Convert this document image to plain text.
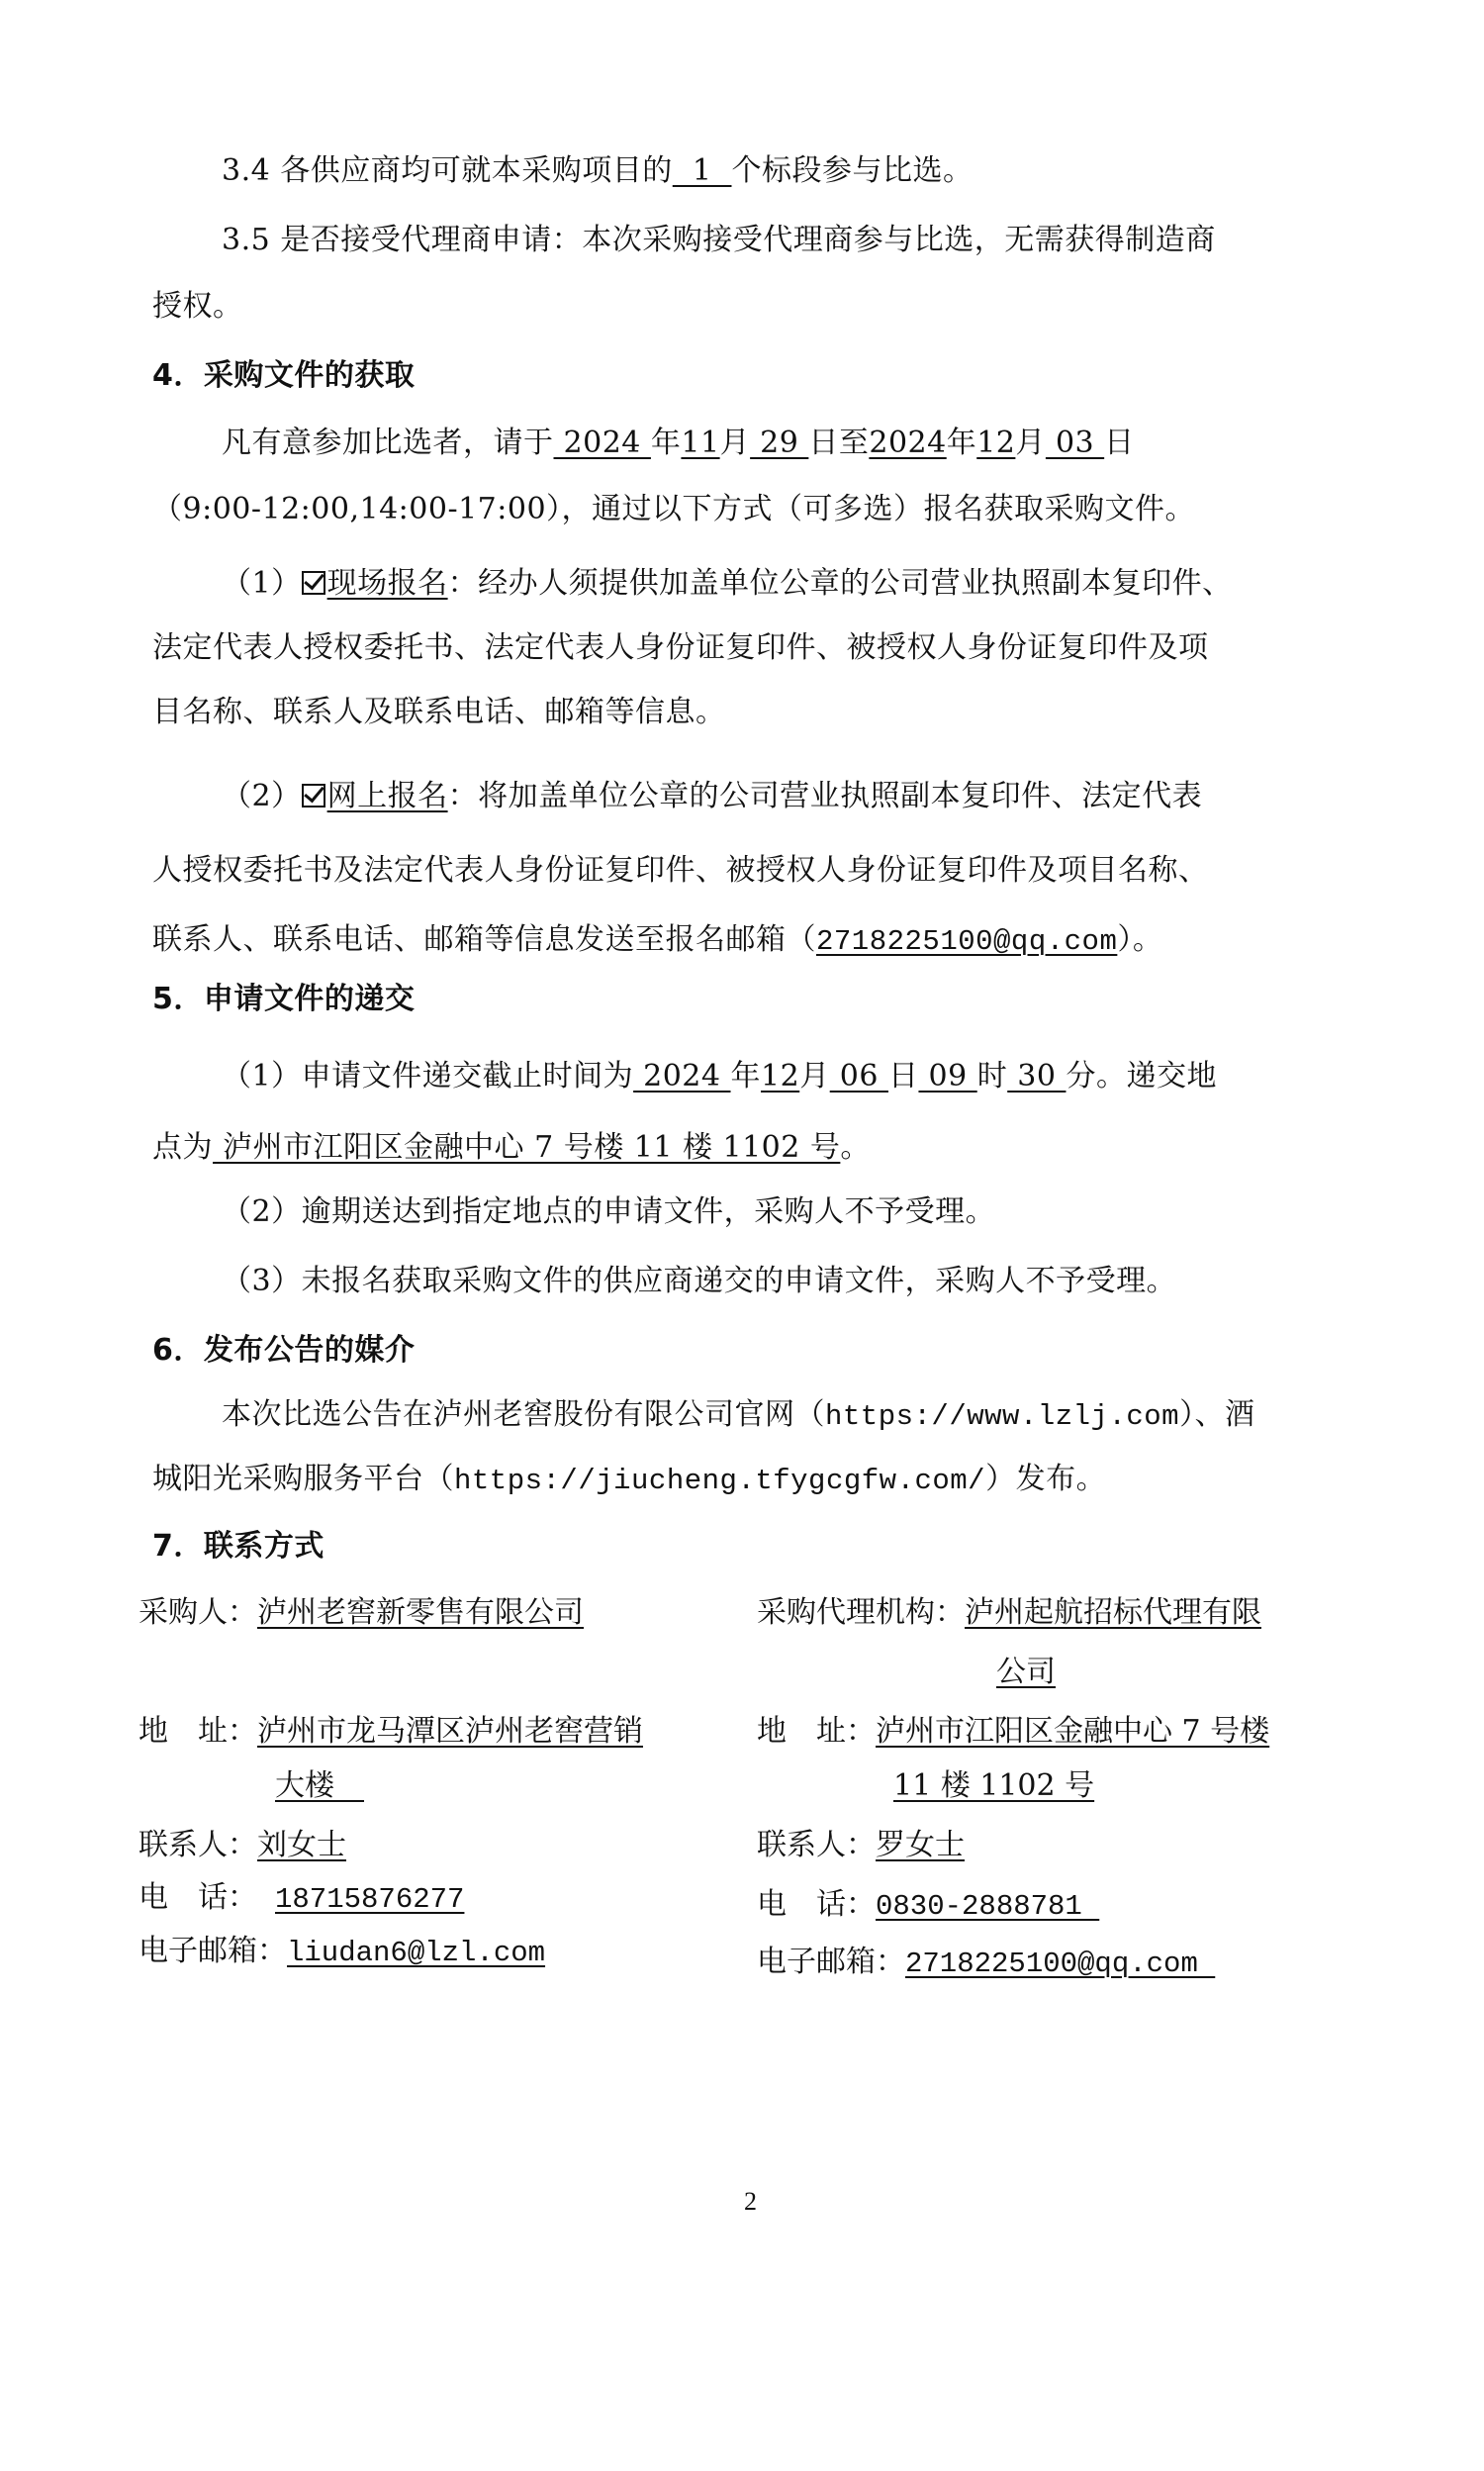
3.4 各供应商均可就本采购项目的  1  个标段参与比选。
3.5 是否接受代理商申请：本次采购接受代理商参与比选，无需获得制造商
授权。
4．采购文件的获取
凡有意参加比选者，请于 2024 年11月 29 日至2024年12月 03 日
（9:00-12:00,14:00-17:00），通过以下方式（可多选）报名获取采购文件。
（1） 现场报名：经办人须提供加盖单位公章的公司营业执照副本复印件、
法定代表人授权委托书、法定代表人身份证复印件、被授权人身份证复印件及项
目名称、联系人及联系电话、邮箱等信息。
（2） 网上报名：将加盖单位公章的公司营业执照副本复印件、法定代表
人授权委托书及法定代表人身份证复印件、被授权人身份证复印件及项目名称、
联系人、联系电话、邮箱等信息发送至报名邮箱（2718225100@qq.com）。
5．申请文件的递交
（1）申请文件递交截止时间为 2024 年12月 06 日 09 时 30 分。递交地
点为 泸州市江阳区金融中心 7 号楼 11 楼 1102 号。
（2）逾期送达到指定地点的申请文件，采购人不予受理。
（3）未报名获取采购文件的供应商递交的申请文件，采购人不予受理。
6．发布公告的媒介
本次比选公告在泸州老窖股份有限公司官网（https://www.lzlj.com）、酒
城阳光采购服务平台（https://jiucheng.tfygcgfw.com/）发布。
7．联系方式
采购人：泸州老窖新零售有限公司
地　址：泸州市龙马潭区泸州老窖营销
大楼　
联系人：刘女士
电　话： 18715876277
电子邮箱：liudan6@lzl.com
采购代理机构：泸州起航招标代理有限
公司
地　址：泸州市江阳区金融中心 7 号楼
11 楼 1102 号
联系人：罗女士
电　话：0830-2888781
电子邮箱：2718225100@qq.com
2
